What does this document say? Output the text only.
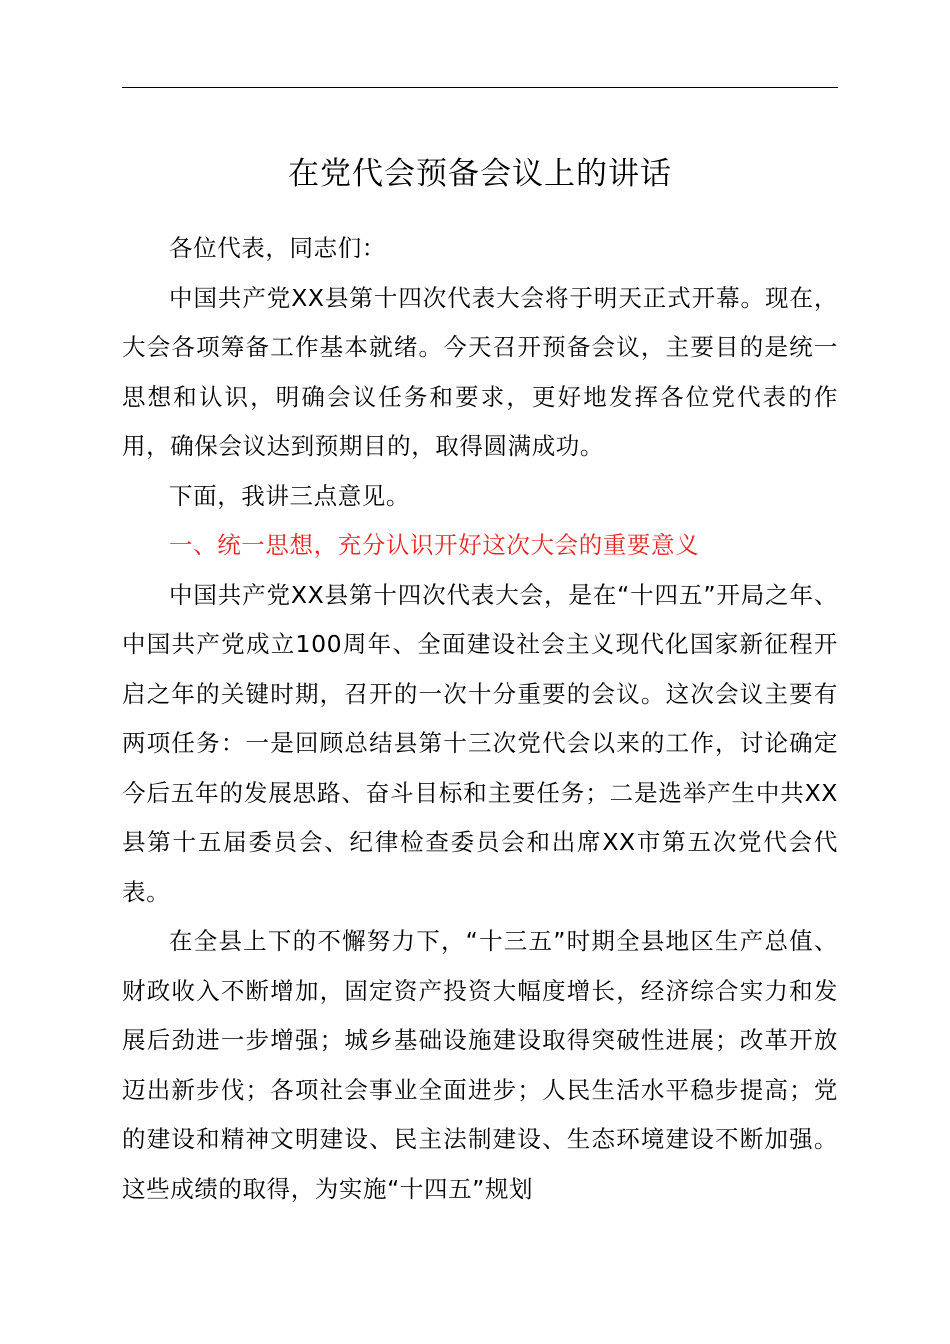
在党代会预备会议上的讲话

各位代表，同志们：

中国共产党XX县第十四次代表大会将于明天正式开幕。现在，大会各项筹备工作基本就绪。今天召开预备会议，主要目的是统一思想和认识，明确会议任务和要求，更好地发挥各位党代表的作用，确保会议达到预期目的，取得圆满成功。

下面，我讲三点意见。

一、统一思想，充分认识开好这次大会的重要意义

中国共产党XX县第十四次代表大会，是在“十四五”开局之年、中国共产党成立100周年、全面建设社会主义现代化国家新征程开启之年的关键时期，召开的一次十分重要的会议。这次会议主要有两项任务：一是回顾总结县第十三次党代会以来的工作，讨论确定今后五年的发展思路、奋斗目标和主要任务；二是选举产生中共XX县第十五届委员会、纪律检查委员会和出席XX市第五次党代会代表。

在全县上下的不懈努力下，“十三五”时期全县地区生产总值、财政收入不断增加，固定资产投资大幅度增长，经济综合实力和发展后劲进一步增强；城乡基础设施建设取得突破性进展；改革开放迈出新步伐；各项社会事业全面进步；人民生活水平稳步提高；党的建设和精神文明建设、民主法制建设、生态环境建设不断加强。这些成绩的取得，为实施“十四五”规划
